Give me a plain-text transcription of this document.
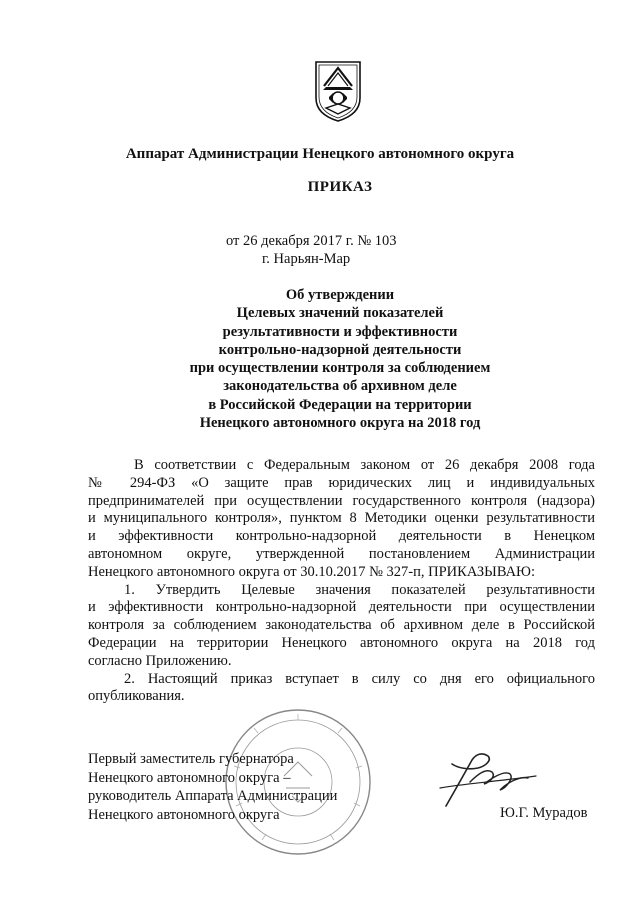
Аппарат Администрации Ненецкого автономного округа
ПРИКАЗ
от 26 декабря 2017 г. № 103
г. Нарьян-Мар
Об утверждении
Целевых значений показателей
результативности и эффективности
контрольно-надзорной деятельности
при осуществлении контроля за соблюдением
законодательства об архивном деле
в Российской Федерации на территории
Ненецкого автономного округа на 2018 год
В соответствии с Федеральным законом от 26 декабря 2008 года
№ 294-ФЗ «О защите прав юридических лиц и индивидуальных
предпринимателей при осуществлении государственного контроля (надзора)
и муниципального контроля», пунктом 8 Методики оценки результативности
и эффективности контрольно-надзорной деятельности в Ненецком
автономном округе, утвержденной постановлением Администрации
Ненецкого автономного округа от 30.10.2017 № 327-п, ПРИКАЗЫВАЮ:
1. Утвердить Целевые значения показателей результативности
и эффективности контрольно-надзорной деятельности при осуществлении
контроля за соблюдением законодательства об архивном деле в Российской
Федерации на территории Ненецкого автономного округа на 2018 год
согласно Приложению.
2. Настоящий приказ вступает в силу со дня его официального
опубликования.
Первый заместитель губернатора
Ненецкого автономного округа –
руководитель Аппарата Администрации
Ненецкого автономного округа	Ю.Г. Мурадов
